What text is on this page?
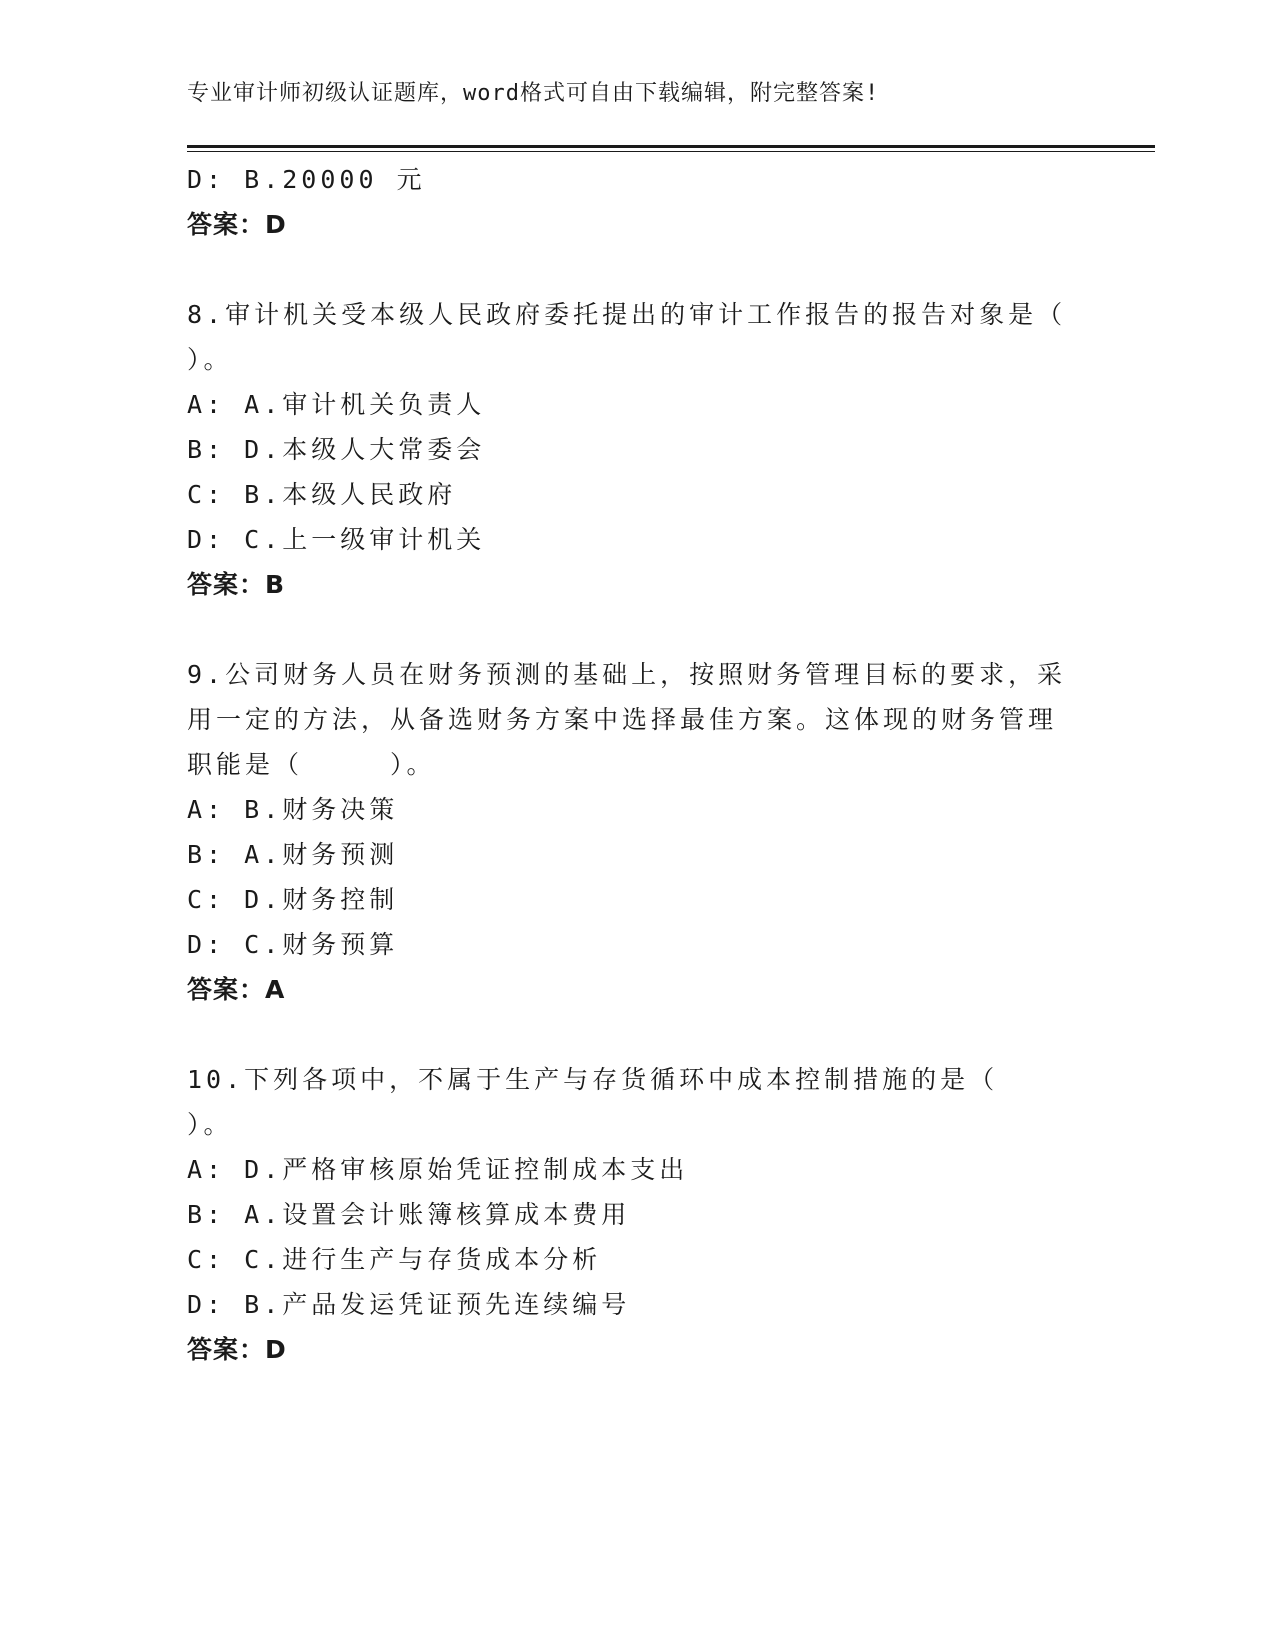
专业审计师初级认证题库，word格式可自由下载编辑，附完整答案!
D: B.20000 元
答案：D
8.审计机关受本级人民政府委托提出的审计工作报告的报告对象是（
）。
A: A.审计机关负责人
B: D.本级人大常委会
C: B.本级人民政府
D: C.上一级审计机关
答案：B
9.公司财务人员在财务预测的基础上，按照财务管理目标的要求，采
用一定的方法，从备选财务方案中选择最佳方案。这体现的财务管理
职能是（　　　）。
A: B.财务决策
B: A.财务预测
C: D.财务控制
D: C.财务预算
答案：A
10.下列各项中，不属于生产与存货循环中成本控制措施的是（
）。
A: D.严格审核原始凭证控制成本支出
B: A.设置会计账簿核算成本费用
C: C.进行生产与存货成本分析
D: B.产品发运凭证预先连续编号
答案：D
